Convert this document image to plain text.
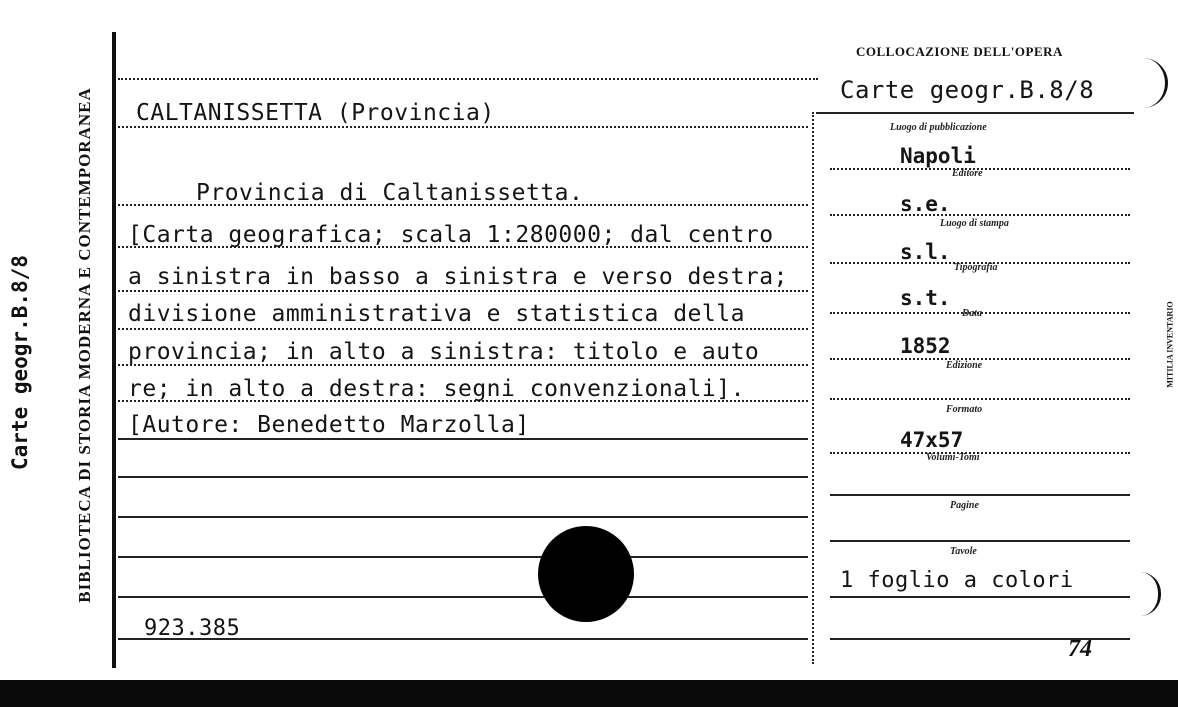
Carte geogr.B.8/8	BIBLIOTECA DI STORIA MODERNA E CONTEMPORANEA
COLLOCAZIONE DELL'OPERA
Carte geogr.B.8/8
CALTANISSETTA (Provincia)
Provincia di Caltanissetta.
[Carta geografica; scala 1:280000; dal centro
a sinistra in basso a sinistra e verso destra;
divisione amministrativa e statistica della
provincia; in alto a sinistra: titolo e auto
re; in alto a destra: segni convenzionali].
[Autore: Benedetto Marzolla]
923.385
Luogo di pubblicazione
Napoli
Editore
s.e.
Luogo di stampa
s.l.
Tipografia
s.t.
Data
1852
Edizione
Formato
47x57
Volumi-Tomi
Pagine
Tavole
1 foglio a colori
74
MITILIA INVENTARIO
